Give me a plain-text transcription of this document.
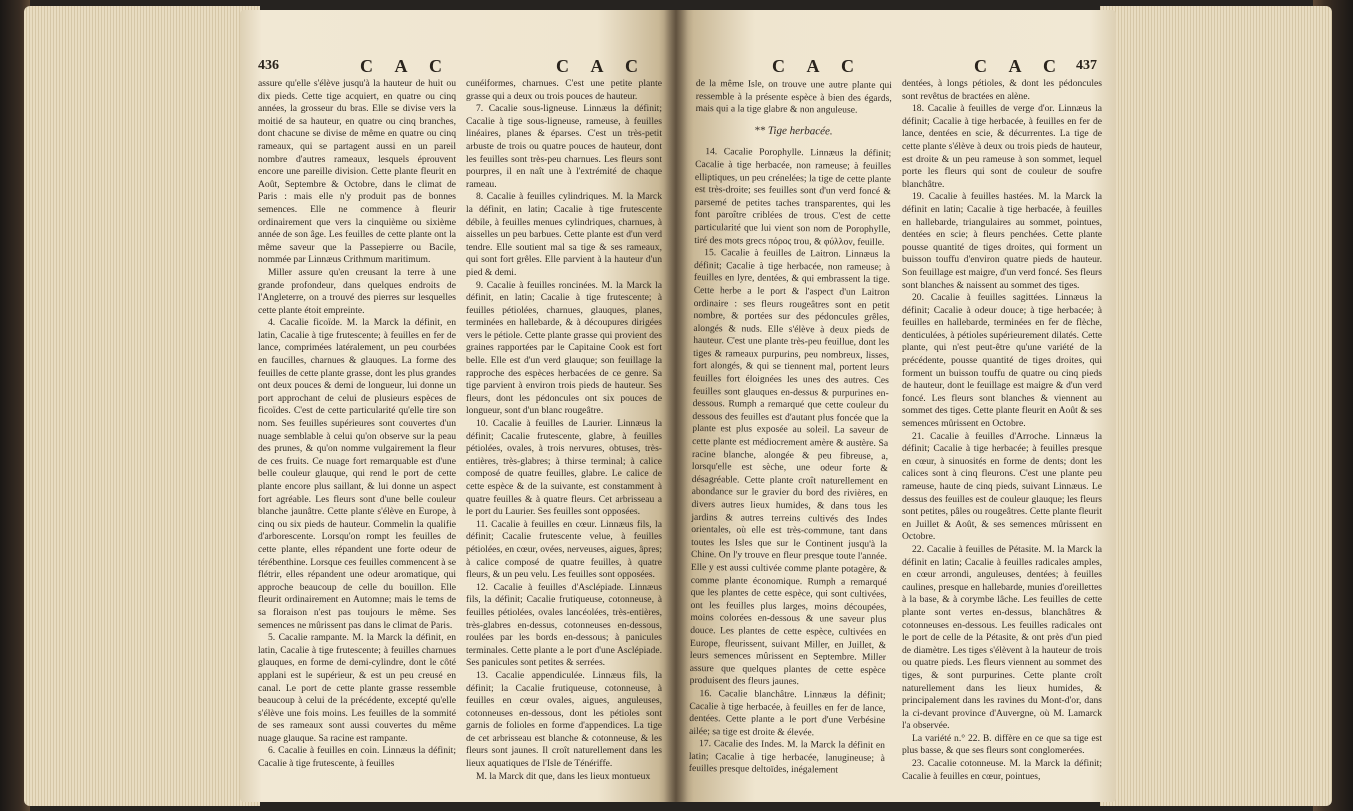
436	C A C	C A C

assure qu'elle s'élève jusqu'à la hauteur de huit ou dix pieds. Cette tige acquiert, en quatre ou cinq années, la grosseur du bras. Elle se divise vers la moitié de sa hauteur, en quatre ou cinq branches, dont chacune se divise de même en quatre ou cinq rameaux, qui se partagent aussi en un pareil nombre d'autres rameaux, lesquels éprouvent encore une pareille division. Cette plante fleurit en Août, Septembre & Octobre, dans le climat de Paris : mais elle n'y produit pas de bonnes semences. Elle ne commence à fleurir ordinairement que vers la cinquième ou sixième année de son âge. Les feuilles de cette plante ont la même saveur que la Passepierre ou Bacile, nommée par Linnæus Crithmum maritimum.

Miller assure qu'en creusant la terre à une grande profondeur, dans quelques endroits de l'Angleterre, on a trouvé des pierres sur lesquelles cette plante étoit empreinte.

4. Cacalie ficoïde. M. la Marck la définit, en latin, Cacalie à tige frutescente; à feuilles en fer de lance, comprimées latéralement, un peu courbées en faucilles, charnues & glauques. La forme des feuilles de cette plante grasse, dont les plus grandes ont deux pouces & demi de longueur, lui donne un port approchant de celui de plusieurs espèces de ficoïdes. C'est de cette particularité qu'elle tire son nom. Ses feuilles supérieures sont couvertes d'un nuage semblable à celui qu'on observe sur la peau des prunes, & qu'on nomme vulgairement la fleur de ces fruits. Ce nuage fort remarquable est d'une belle couleur glauque, qui rend le port de cette plante encore plus saillant, & lui donne un aspect fort agréable. Les fleurs sont d'une belle couleur blanche jaunâtre. Cette plante s'élève en Europe, à cinq ou six pieds de hauteur. Commelin la qualifie d'arborescente. Lorsqu'on rompt les feuilles de cette plante, elles répandent une forte odeur de térébenthine. Lorsque ces feuilles commencent à se flétrir, elles répandent une odeur aromatique, qui approche beaucoup de celle du bouillon. Elle fleurit ordinairement en Automne; mais le tems de sa floraison n'est pas toujours le même. Ses semences ne mûrissent pas dans le climat de Paris.

5. Cacalie rampante. M. la Marck la définit, en latin, Cacalie à tige frutescente; à feuilles charnues glauques, en forme de demi-cylindre, dont le côté applani est le supérieur, & est un peu creusé en canal. Le port de cette plante grasse ressemble beaucoup à celui de la précédente, excepté qu'elle s'élève une fois moins. Les feuilles de la sommité de ses rameaux sont aussi couvertes du même nuage glauque. Sa racine est rampante.

6. Cacalie à feuilles en coin. Linnæus la définit; Cacalie à tige frutescente, à feuilles

cunéiformes, charnues. C'est une petite plante grasse qui a deux ou trois pouces de hauteur.

7. Cacalie sous-ligneuse. Linnæus la définit; Cacalie à tige sous-ligneuse, rameuse, à feuilles linéaires, planes & éparses. C'est un très-petit arbuste de trois ou quatre pouces de hauteur, dont les feuilles sont très-peu charnues. Les fleurs sont pourpres, il en naît une à l'extrémité de chaque rameau.

8. Cacalie à feuilles cylindriques. M. la Marck la définit, en latin; Cacalie à tige frutescente débile, à feuilles menues cylindriques, charnues, à aisselles un peu barbues. Cette plante est d'un verd tendre. Elle soutient mal sa tige & ses rameaux, qui sont fort grêles. Elle parvient à la hauteur d'un pied & demi.

9. Cacalie à feuilles roncinées. M. la Marck la définit, en latin; Cacalie à tige frutescente; à feuilles pétiolées, charnues, glauques, planes, terminées en hallebarde, & à découpures dirigées vers le pétiole. Cette plante grasse qui provient des graines rapportées par le Capitaine Cook est fort belle. Elle est d'un verd glauque; son feuillage la rapproche des espèces herbacées de ce genre. Sa tige parvient à environ trois pieds de hauteur. Ses fleurs, dont les pédoncules ont six pouces de longueur, sont d'un blanc rougeâtre.

10. Cacalie à feuilles de Laurier. Linnæus la définit; Cacalie frutescente, glabre, à feuilles pétiolées, ovales, à trois nervures, obtuses, très-entières, très-glabres; à thirse terminal; à calice composé de quatre feuilles, glabre. Le calice de cette espèce & de la suivante, est constamment à quatre feuilles & à quatre fleurs. Cet arbrisseau a le port du Laurier. Ses feuilles sont opposées.

11. Cacalie à feuilles en cœur. Linnæus fils, la définit; Cacalie frutescente velue, à feuilles pétiolées, en cœur, ovées, nerveuses, aigues, âpres; à calice composé de quatre feuilles, à quatre fleurs, & un peu velu. Les feuilles sont opposées.

12. Cacalie à feuilles d'Asclépiade. Linnæus fils, la définit; Cacalie frutiqueuse, cotonneuse, à feuilles pétiolées, ovales lancéolées, très-entières, très-glabres en-dessus, cotonneuses en-dessous, roulées par les bords en-dessous; à panicules terminales. Cette plante a le port d'une Asclépiade. Ses panicules sont petites & serrées.

13. Cacalie appendiculée. Linnæus fils, la définit; la Cacalie frutiqueuse, cotonneuse, à feuilles en cœur ovales, aigues, anguleuses, cotonneuses en-dessous, dont les pétioles sont garnis de folioles en forme d'appendices. La tige de cet arbrisseau est blanche & cotonneuse, & les fleurs sont jaunes. Il croît naturellement dans les lieux aquatiques de l'Isle de Ténériffe.

M. la Marck dit que, dans les lieux montueux

C A C	C A C 437

de la même Isle, on trouve une autre plante qui ressemble à la présente espèce à bien des égards, mais qui a la tige glabre & non anguleuse.

** Tige herbacée.

14. Cacalie Porophylle. Linnæus la définit; Cacalie à tige herbacée, non rameuse; à feuilles elliptiques, un peu crénelées; la tige de cette plante est très-droite; ses feuilles sont d'un verd foncé & parsemé de petites taches transparentes, qui les font paroître criblées de trous. C'est de cette particularité que lui vient son nom de Porophylle, tiré des mots grecs πόρος trou, & φύλλον, feuille.

15. Cacalie à feuilles de Laitron. Linnæus la définit; Cacalie à tige herbacée, non rameuse; à feuilles en lyre, dentées, & qui embrassent la tige. Cette herbe a le port & l'aspect d'un Laitron ordinaire : ses fleurs rougeâtres sont en petit nombre, & portées sur des pédoncules grêles, alongés & nuds. Elle s'élève à deux pieds de hauteur. C'est une plante très-peu feuillue, dont les tiges & rameaux purpurins, peu nombreux, lisses, fort alongés, & qui se tiennent mal, portent leurs feuilles fort éloignées les unes des autres. Ces feuilles sont glauques en-dessus & purpurines en-dessous. Rumph a remarqué que cette couleur du dessous des feuilles est d'autant plus foncée que la plante est plus exposée au soleil. La saveur de cette plante est médiocrement amère & austère. Sa racine blanche, alongée & peu fibreuse, a, lorsqu'elle est sèche, une odeur forte & désagréable. Cette plante croît naturellement en abondance sur le gravier du bord des rivières, en divers autres lieux humides, & dans tous les jardins & autres terreins cultivés des Indes orientales, où elle est très-commune, tant dans toutes les Isles que sur le Continent jusqu'à la Chine. On l'y trouve en fleur presque toute l'année. Elle y est aussi cultivée comme plante potagère, & comme plante économique. Rumph a remarqué que les plantes de cette espèce, qui sont cultivées, ont les feuilles plus larges, moins découpées, moins colorées en-dessous & une saveur plus douce. Les plantes de cette espèce, cultivées en Europe, fleurissent, suivant Miller, en Juillet, & leurs semences mûrissent en Septembre. Miller assure que quelques plantes de cette espèce produisent des fleurs jaunes.

16. Cacalie blanchâtre. Linnæus la définit; Cacalie à tige herbacée, à feuilles en fer de lance, dentées. Cette plante a le port d'une Verbésine ailée; sa tige est droite & élevée.

17. Cacalie des Indes. M. la Marck la définit en latin; Cacalie à tige herbacée, lanugineuse; à feuilles presque deltoïdes, inégalement

dentées, à longs pétioles, & dont les pédoncules sont revêtus de bractées en alène.

18. Cacalie à feuilles de verge d'or. Linnæus la définit; Cacalie à tige herbacée, à feuilles en fer de lance, dentées en scie, & décurrentes. La tige de cette plante s'élève à deux ou trois pieds de hauteur, est droite & un peu rameuse à son sommet, lequel porte les fleurs qui sont de couleur de soufre blanchâtre.

19. Cacalie à feuilles hastées. M. la Marck la définit en latin; Cacalie à tige herbacée, à feuilles en hallebarde, triangulaires au sommet, pointues, dentées en scie; à fleurs penchées. Cette plante pousse quantité de tiges droites, qui forment un buisson touffu d'environ quatre pieds de hauteur. Son feuillage est maigre, d'un verd foncé. Ses fleurs sont blanches & naissent au sommet des tiges.

20. Cacalie à feuilles sagittées. Linnæus la définit; Cacalie à odeur douce; à tige herbacée; à feuilles en hallebarde, terminées en fer de flèche, denticulées, à pétioles supérieurement dilatés. Cette plante, qui n'est peut-être qu'une variété de la précédente, pousse quantité de tiges droites, qui forment un buisson touffu de quatre ou cinq pieds de hauteur, dont le feuillage est maigre & d'un verd foncé. Les fleurs sont blanches & viennent au sommet des tiges. Cette plante fleurit en Août & ses semences mûrissent en Octobre.

21. Cacalie à feuilles d'Arroche. Linnæus la définit; Cacalie à tige herbacée; à feuilles presque en cœur, à sinuosités en forme de dents; dont les calices sont à cinq fleurons. C'est une plante peu rameuse, haute de cinq pieds, suivant Linnæus. Le dessus des feuilles est de couleur glauque; les fleurs sont petites, pâles ou rougeâtres. Cette plante fleurit en Juillet & Août, & ses semences mûrissent en Octobre.

22. Cacalie à feuilles de Pétasite. M. la Marck la définit en latin; Cacalie à feuilles radicales amples, en cœur arrondi, anguleuses, dentées; à feuilles caulines, presque en hallebarde, munies d'oreillettes à la base, & à corymbe lâche. Les feuilles de cette plante sont vertes en-dessus, blanchâtres & cotonneuses en-dessous. Les feuilles radicales ont le port de celle de la Pétasite, & ont près d'un pied de diamètre. Les tiges s'élèvent à la hauteur de trois ou quatre pieds. Les fleurs viennent au sommet des tiges, & sont purpurines. Cette plante croît naturellement dans les lieux humides, & principalement dans les ravines du Mont-d'or, dans la ci-devant province d'Auvergne, où M. Lamarck l'a observée.

La variété n.° 22. B. diffère en ce que sa tige est plus basse, & que ses fleurs sont conglomerées.

23. Cacalie cotonneuse. M. la Marck la définit; Cacalie à feuilles en cœur, pointues,
